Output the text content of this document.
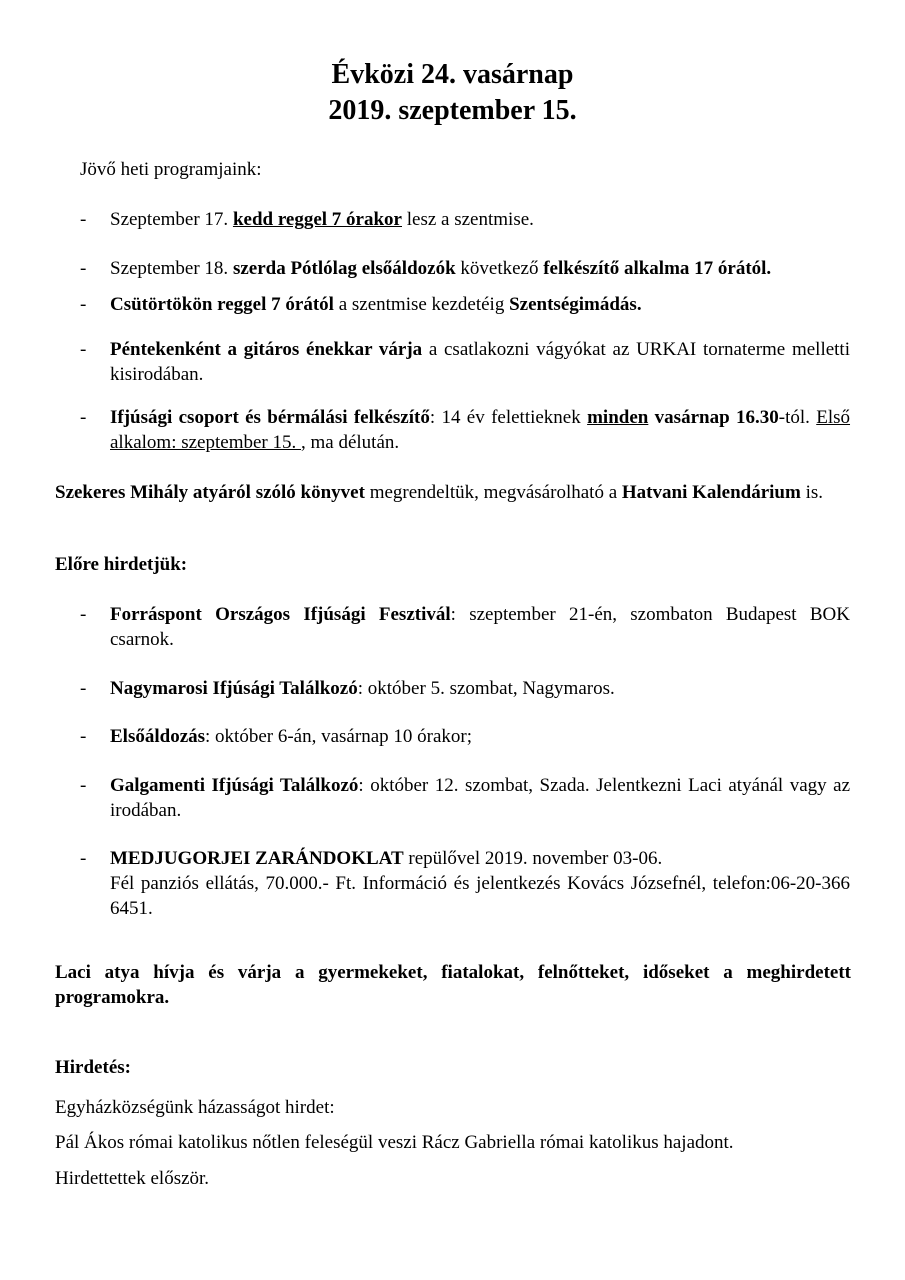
Évközi 24. vasárnap
2019. szeptember 15.
Jövő heti programjaink:
- Szeptember 17. kedd reggel 7 órakor lesz a szentmise.
- Szeptember 18. szerda Pótlólag elsőáldozók következő felkészítő alkalma 17 órától.
- Csütörtökön reggel 7 órától a szentmise kezdetéig Szentségimádás.
- Péntekenként a gitáros énekkar várja a csatlakozni vágyókat az URKAI tornaterme melletti kisirodában.
- Ifjúsági csoport és bérmálási felkészítő: 14 év felettieknek minden vasárnap 16.30-tól. Első alkalom: szeptember 15. , ma délután.
Szekeres Mihály atyáról szóló könyvet megrendeltük, megvásárolható a Hatvani Kalendárium is.
Előre hirdetjük:
- Forráspont Országos Ifjúsági Fesztivál: szeptember 21-én, szombaton Budapest BOK csarnok.
- Nagymarosi Ifjúsági Találkozó: október 5. szombat, Nagymaros.
- Elsőáldozás: október 6-án, vasárnap 10 órakor;
- Galgamenti Ifjúsági Találkozó: október 12. szombat, Szada. Jelentkezni Laci atyánál vagy az irodában.
- MEDJUGORJEI ZARÁNDOKLAT repülővel 2019. november 03-06.
Fél panziós ellátás, 70.000.- Ft. Információ és jelentkezés Kovács Józsefnél, telefon:06-20-366 6451.
Laci atya hívja és várja a gyermekeket, fiatalokat, felnőtteket, időseket a meghirdetett programokra.
Hirdetés:
Egyházközségünk házasságot hirdet:
Pál Ákos római katolikus nőtlen feleségül veszi Rácz Gabriella római katolikus hajadont.
Hirdettettek először.
